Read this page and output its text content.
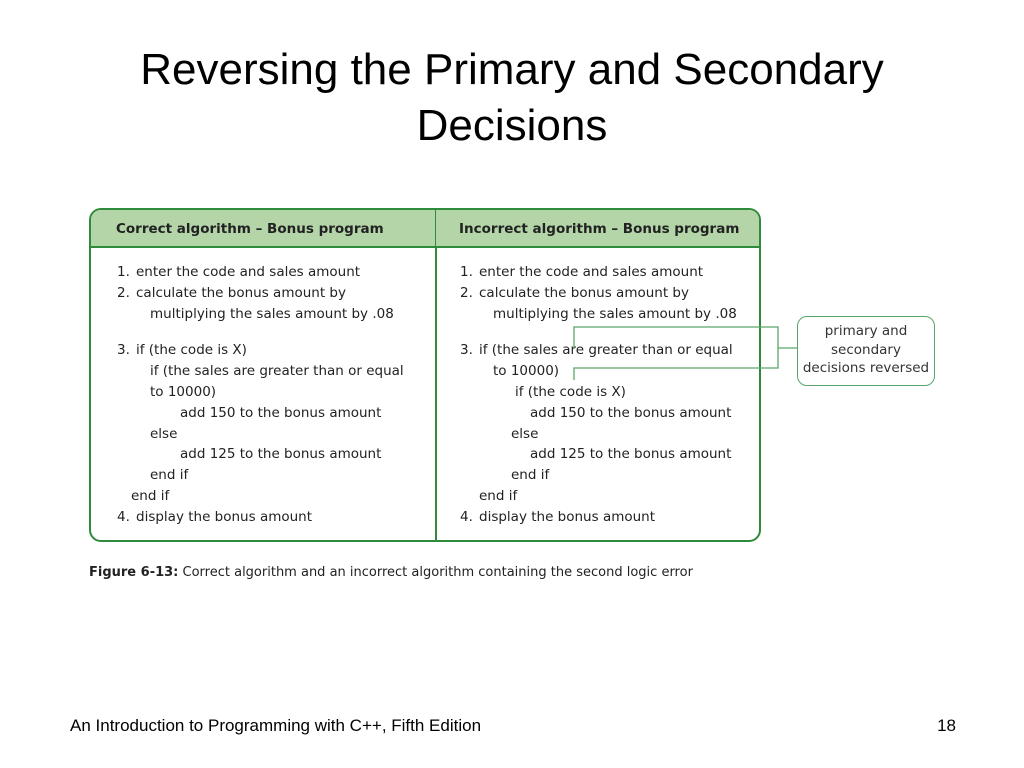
Reversing the Primary and Secondary
Decisions
Correct algorithm – Bonus program
1. enter the code and sales amount
2. calculate the bonus amount by
multiplying the sales amount by .08
3. if (the code is X)
if (the sales are greater than or equal
to 10000)
add 150 to the bonus amount
else
add 125 to the bonus amount
end if
end if
4. display the bonus amount
Incorrect algorithm – Bonus program
1. enter the code and sales amount
2. calculate the bonus amount by
multiplying the sales amount by .08
3. if (the sales are greater than or equal
to 10000)
if (the code is X)
add 150 to the bonus amount
else
add 125 to the bonus amount
end if
end if
4. display the bonus amount
primary and
secondary
decisions reversed
Figure 6-13: Correct algorithm and an incorrect algorithm containing the second logic error
An Introduction to Programming with C++, Fifth Edition	18
